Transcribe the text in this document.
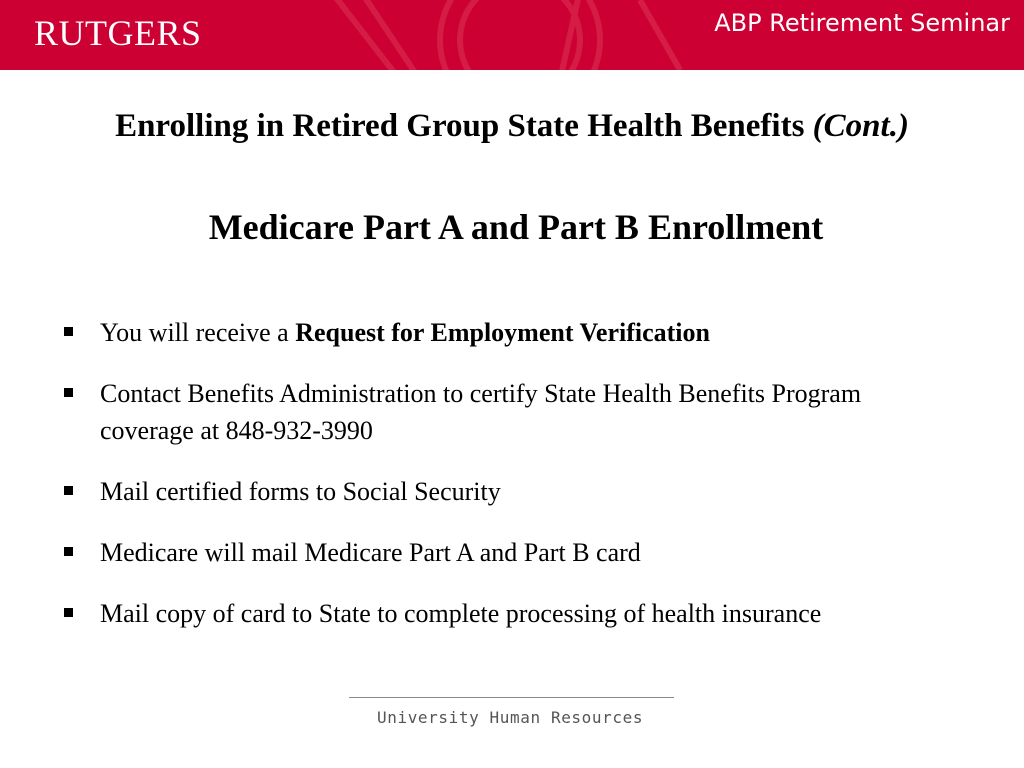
RUTGERS	ABP Retirement Seminar
Enrolling in Retired Group State Health Benefits (Cont.)
Medicare Part A and Part B Enrollment
You will receive a Request for Employment Verification
Contact Benefits Administration to certify State Health Benefits Program coverage at 848-932-3990
Mail certified forms to Social Security
Medicare will mail Medicare Part A and Part B card
Mail copy of card to State to complete processing of health insurance
University Human Resources
